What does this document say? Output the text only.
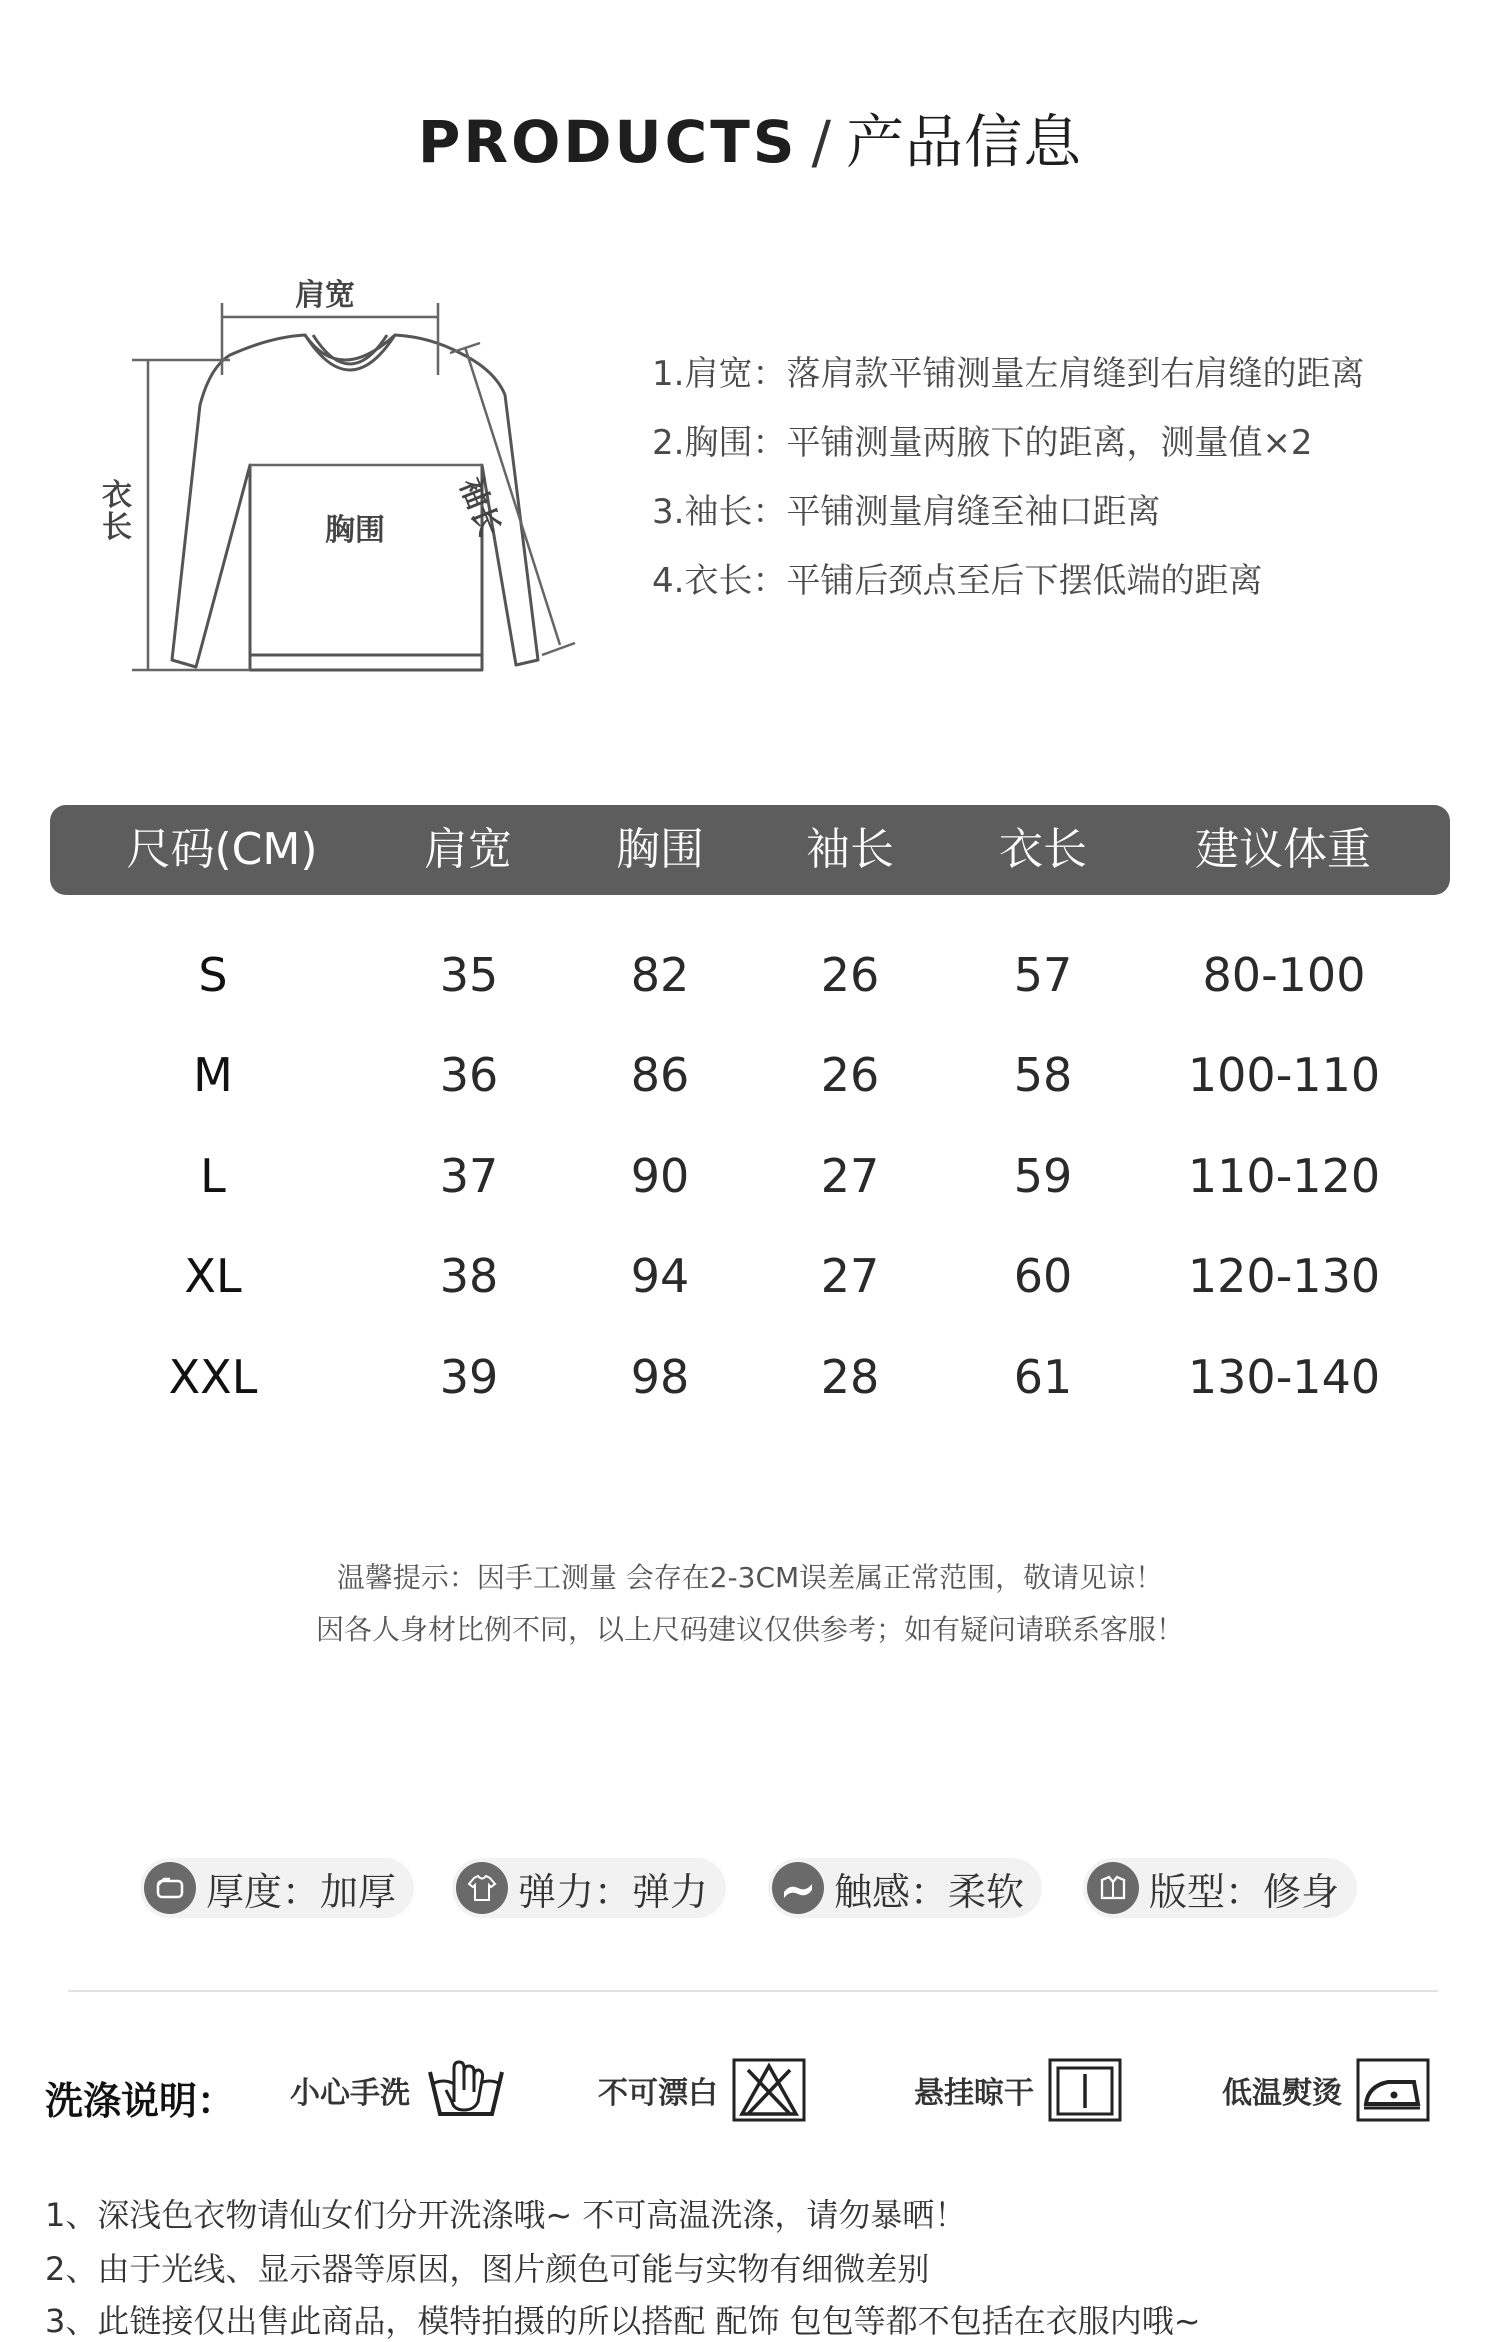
PRODUCTS / 产品信息
肩宽
衣长	胸围 袖长
1.肩宽：落肩款平铺测量左肩缝到右肩缝的距离
2.胸围：平铺测量两腋下的距离，测量值×2
3.袖长：平铺测量肩缝至袖口距离
4.衣长：平铺后颈点至后下摆低端的距离
尺码(CM) 肩宽 胸围 袖长 衣长 建议体重
S	35	82	26	57	80-100
M	36	86	26	58	100-110
L	37	90	27	59	110-120
XL	38	94	27	60	120-130
XXL	39	98	28	61	130-140
温馨提示：因手工测量 会存在2-3CM误差属正常范围，敬请见谅！
因各人身材比例不同，以上尺码建议仅供参考；如有疑问请联系客服！
厚度：加厚	弹力：弹力	触感：柔软	版型：修身
洗涤说明： 小心手洗	不可漂白	悬挂晾干	低温熨烫
1、深浅色衣物请仙女们分开洗涤哦~ 不可高温洗涤，请勿暴晒！
2、由于光线、显示器等原因，图片颜色可能与实物有细微差别
3、此链接仅出售此商品，模特拍摄的所以搭配 配饰 包包等都不包括在衣服内哦~
